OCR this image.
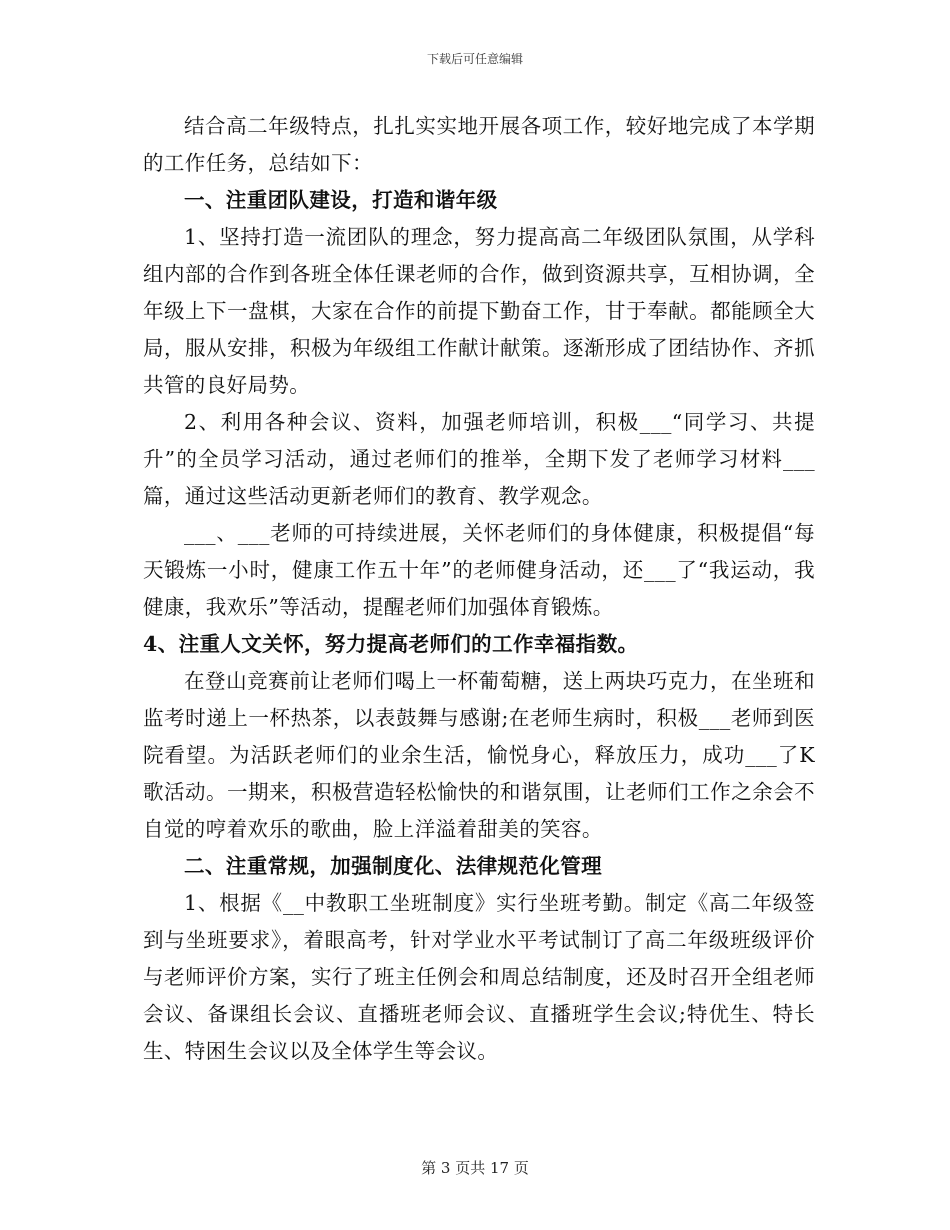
下载后可任意编辑

结合高二年级特点，扎扎实实地开展各项工作，较好地完成了本学期的工作任务，总结如下：

一、注重团队建设，打造和谐年级

1、坚持打造一流团队的理念，努力提高高二年级团队氛围，从学科组内部的合作到各班全体任课老师的合作，做到资源共享，互相协调，全年级上下一盘棋，大家在合作的前提下勤奋工作，甘于奉献。都能顾全大局，服从安排，积极为年级组工作献计献策。逐渐形成了团结协作、齐抓共管的良好局势。

2、利用各种会议、资料，加强老师培训，积极___“同学习、共提升”的全员学习活动，通过老师们的推举，全期下发了老师学习材料___篇，通过这些活动更新老师们的教育、教学观念。

___、___老师的可持续进展，关怀老师们的身体健康，积极提倡“每天锻炼一小时，健康工作五十年”的老师健身活动，还___了“我运动，我健康，我欢乐”等活动，提醒老师们加强体育锻炼。

4、注重人文关怀，努力提高老师们的工作幸福指数。

在登山竞赛前让老师们喝上一杯葡萄糖，送上两块巧克力，在坐班和监考时递上一杯热茶，以表鼓舞与感谢;在老师生病时，积极___老师到医院看望。为活跃老师们的业余生活，愉悦身心，释放压力，成功___了K歌活动。一期来，积极营造轻松愉快的和谐氛围，让老师们工作之余会不自觉的哼着欢乐的歌曲，脸上洋溢着甜美的笑容。

二、注重常规，加强制度化、法律规范化管理

1、根据《__中教职工坐班制度》实行坐班考勤。制定《高二年级签到与坐班要求》，着眼高考，针对学业水平考试制订了高二年级班级评价与老师评价方案，实行了班主任例会和周总结制度，还及时召开全组老师会议、备课组长会议、直播班老师会议、直播班学生会议;特优生、特长生、特困生会议以及全体学生等会议。

第 3 页共 17 页
